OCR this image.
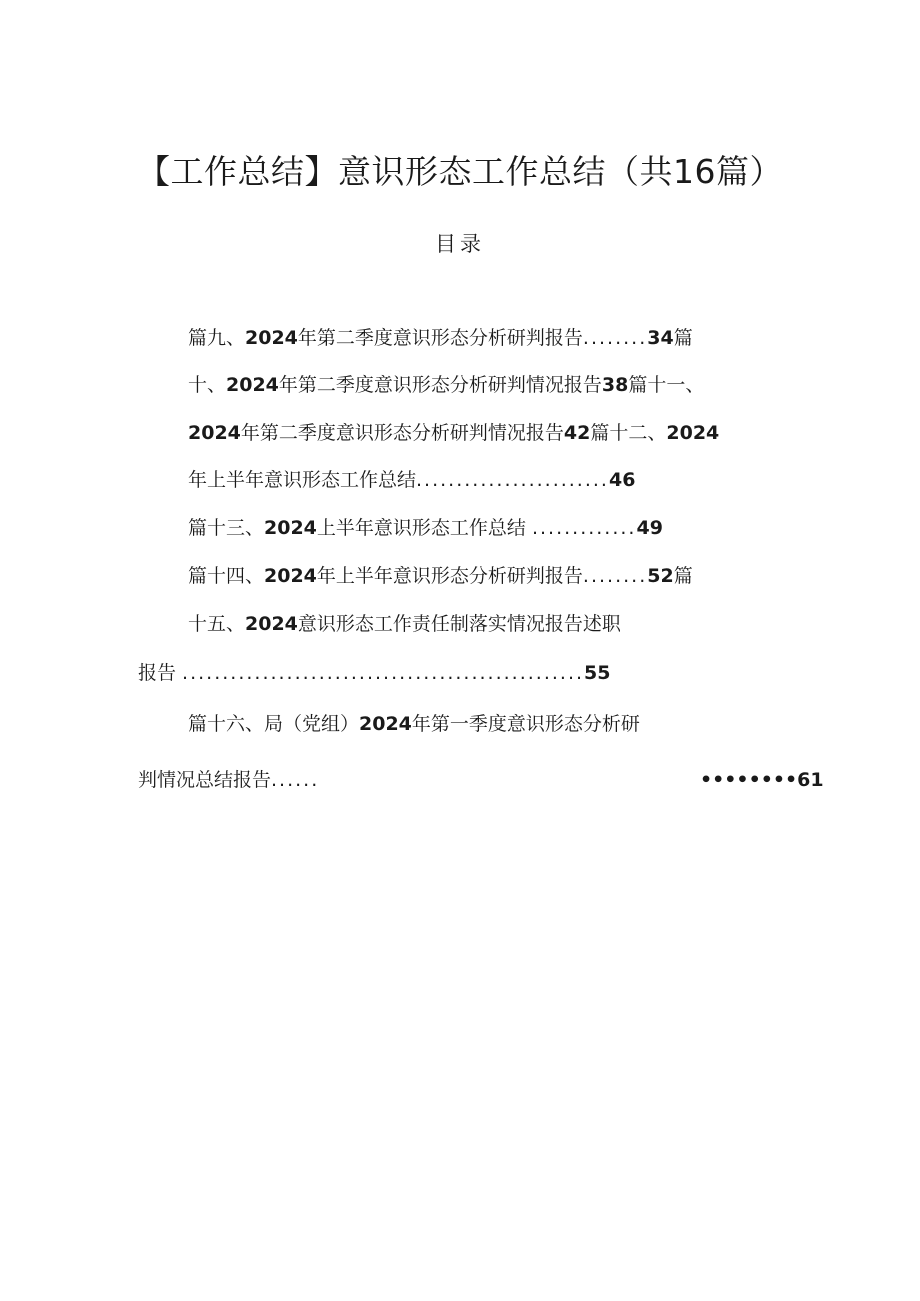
【工作总结】意识形态工作总结（共16篇）
目录
篇九、2024年第二季度意识形态分析研判报告........34篇
十、2024年第二季度意识形态分析研判情况报告38篇十一、
2024年第二季度意识形态分析研判情况报告42篇十二、2024
年上半年意识形态工作总结........................46
篇十三、2024上半年意识形态工作总结 .............49
篇十四、2024年上半年意识形态分析研判报告........52篇
十五、2024意识形态工作责任制落实情况报告述职
报告 ..................................................55
篇十六、局（党组）2024年第一季度意识形态分析研
判情况总结报告......	••••••••61
